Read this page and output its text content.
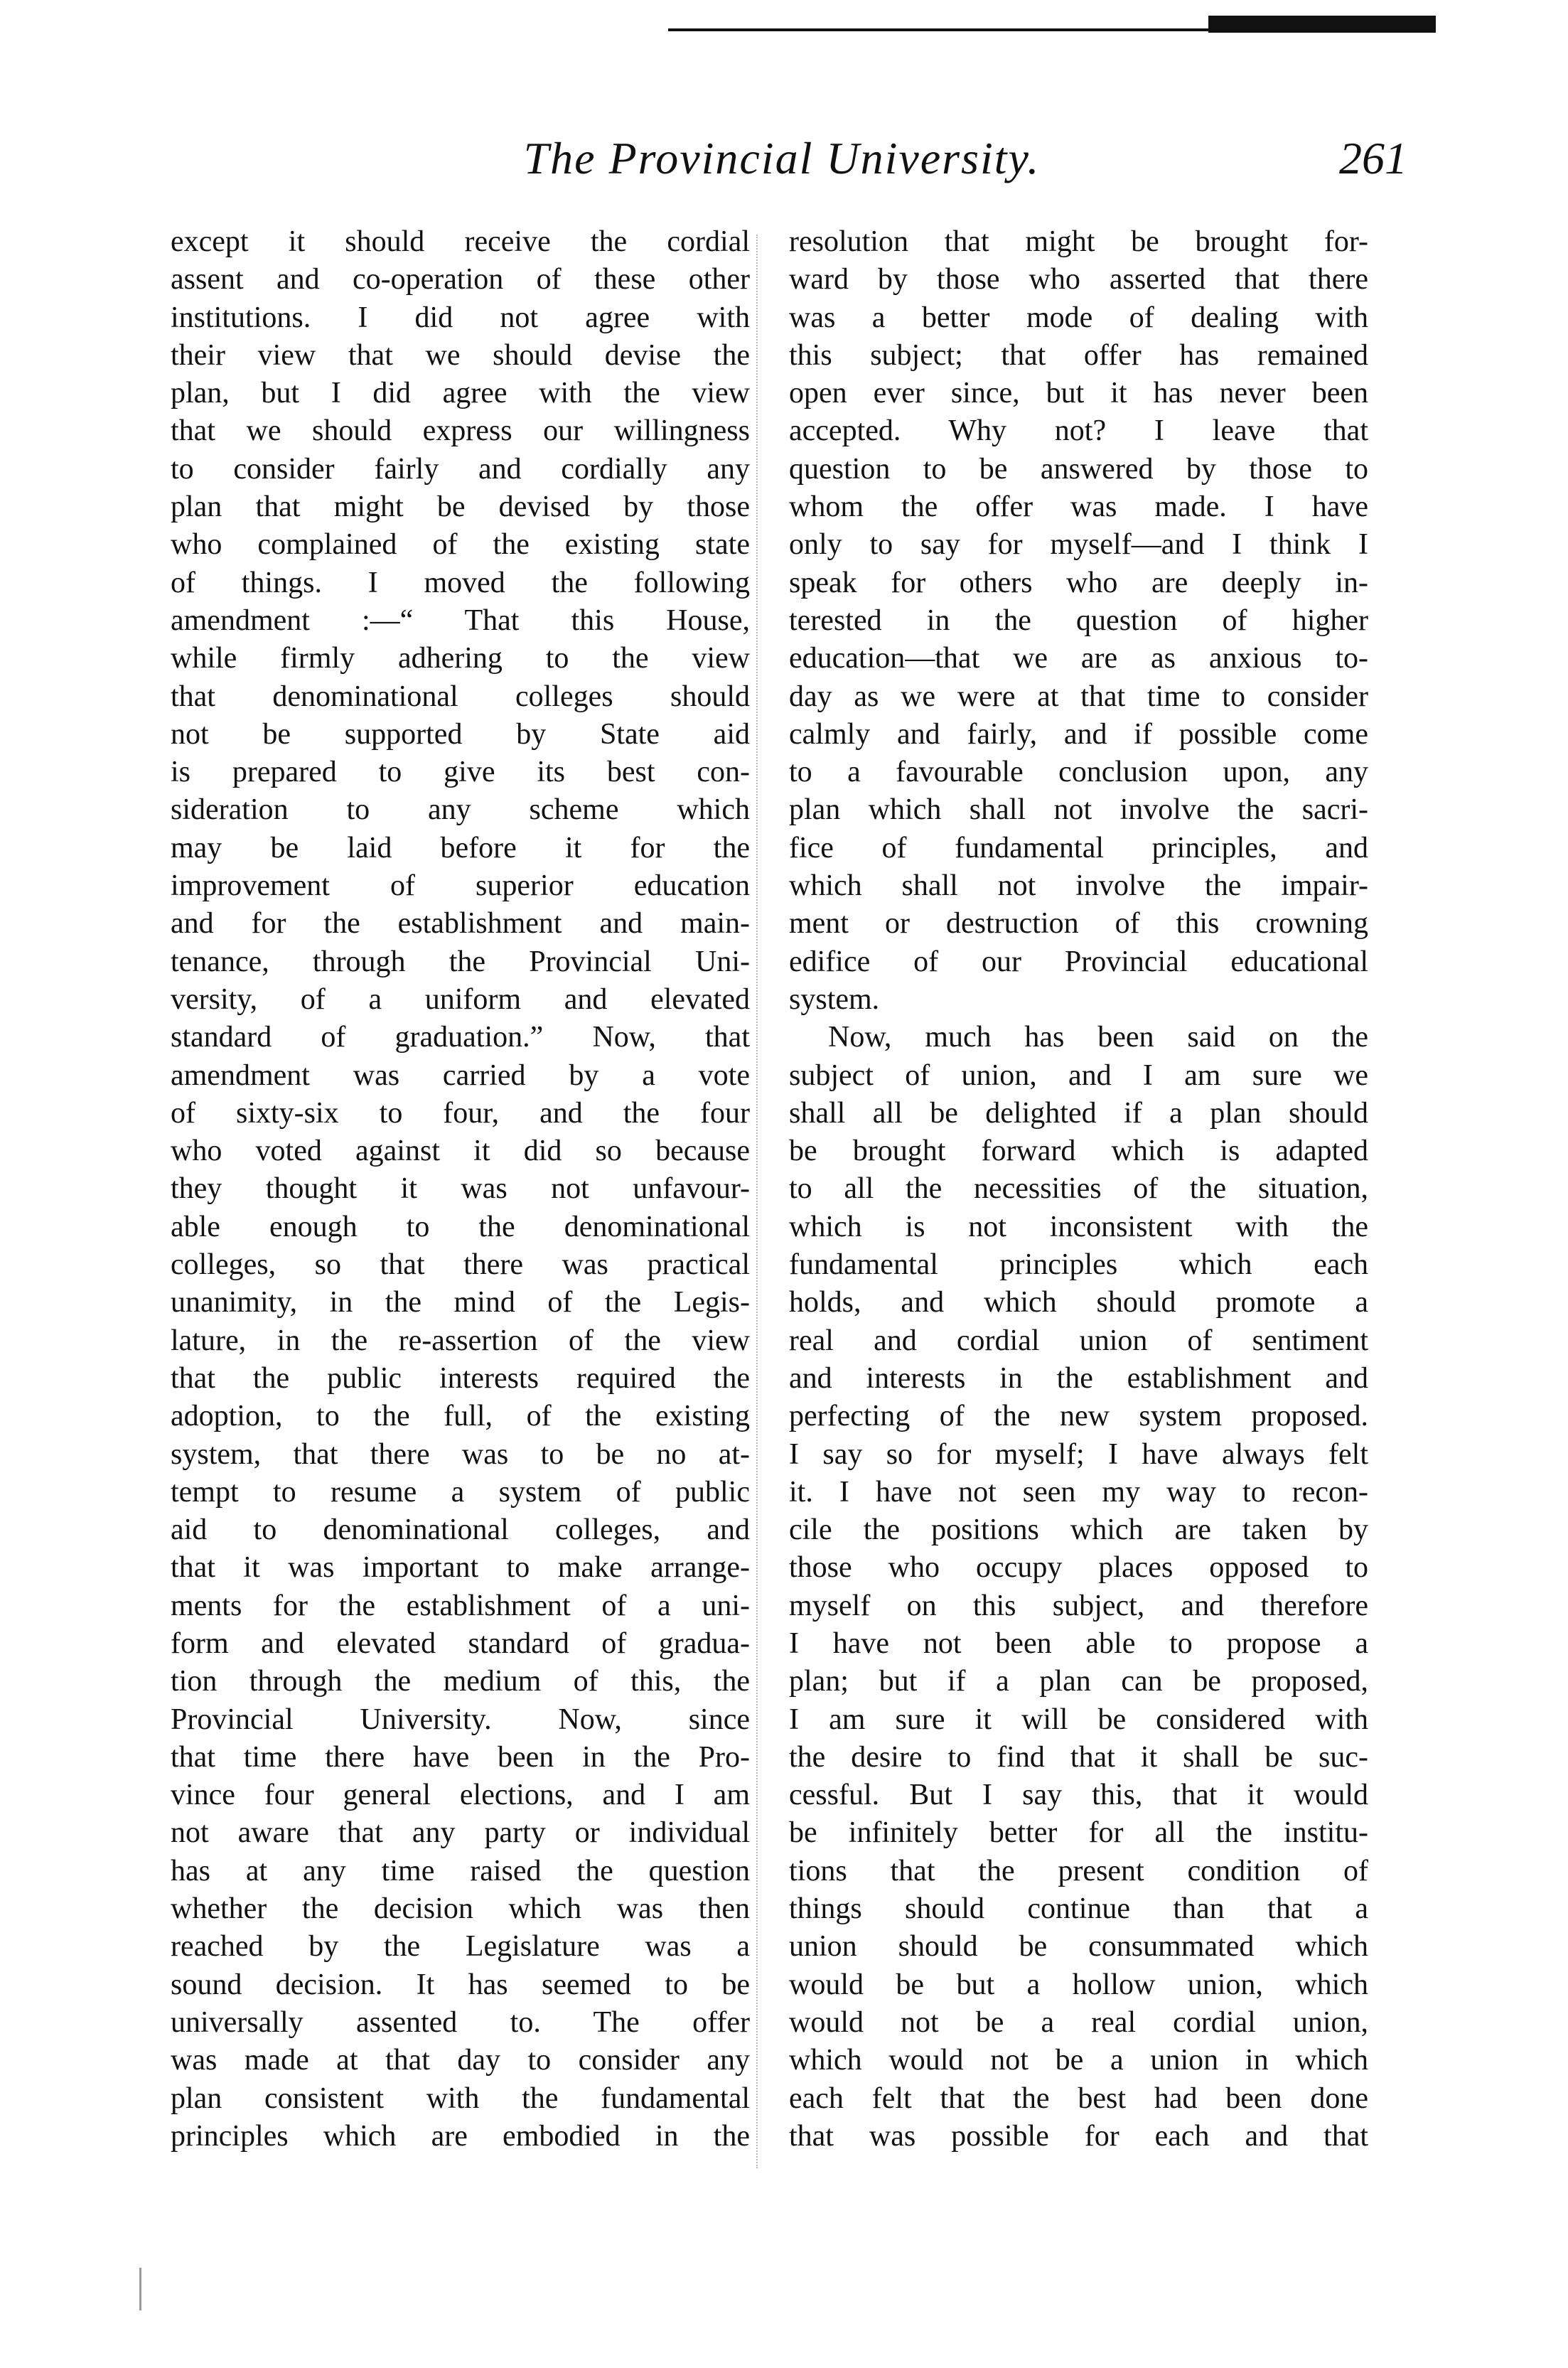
The Provincial University.	261
except it should receive the cordial
assent and co-operation of these other
institutions. I did not agree with
their view that we should devise the
plan, but I did agree with the view
that we should express our willingness
to consider fairly and cordially any
plan that might be devised by those
who complained of the existing state
of things. I moved the following
amendment :—“ That this House,
while firmly adhering to the view
that denominational colleges should
not be supported by State aid
is prepared to give its best con-
sideration to any scheme which
may be laid before it for the
improvement of superior education
and for the establishment and main-
tenance, through the Provincial Uni-
versity, of a uniform and elevated
standard of graduation.” Now, that
amendment was carried by a vote
of sixty-six to four, and the four
who voted against it did so because
they thought it was not unfavour-
able enough to the denominational
colleges, so that there was practical
unanimity, in the mind of the Legis-
lature, in the re-assertion of the view
that the public interests required the
adoption, to the full, of the existing
system, that there was to be no at-
tempt to resume a system of public
aid to denominational colleges, and
that it was important to make arrange-
ments for the establishment of a uni-
form and elevated standard of gradua-
tion through the medium of this, the
Provincial University. Now, since
that time there have been in the Pro-
vince four general elections, and I am
not aware that any party or individual
has at any time raised the question
whether the decision which was then
reached by the Legislature was a
sound decision. It has seemed to be
universally assented to. The offer
was made at that day to consider any
plan consistent with the fundamental
principles which are embodied in the
resolution that might be brought for-
ward by those who asserted that there
was a better mode of dealing with
this subject; that offer has remained
open ever since, but it has never been
accepted. Why not? I leave that
question to be answered by those to
whom the offer was made. I have
only to say for myself—and I think I
speak for others who are deeply in-
terested in the question of higher
education—that we are as anxious to-
day as we were at that time to consider
calmly and fairly, and if possible come
to a favourable conclusion upon, any
plan which shall not involve the sacri-
fice of fundamental principles, and
which shall not involve the impair-
ment or destruction of this crowning
edifice of our Provincial educational
system.
Now, much has been said on the
subject of union, and I am sure we
shall all be delighted if a plan should
be brought forward which is adapted
to all the necessities of the situation,
which is not inconsistent with the
fundamental principles which each
holds, and which should promote a
real and cordial union of sentiment
and interests in the establishment and
perfecting of the new system proposed.
I say so for myself; I have always felt
it. I have not seen my way to recon-
cile the positions which are taken by
those who occupy places opposed to
myself on this subject, and therefore
I have not been able to propose a
plan; but if a plan can be proposed,
I am sure it will be considered with
the desire to find that it shall be suc-
cessful. But I say this, that it would
be infinitely better for all the institu-
tions that the present condition of
things should continue than that a
union should be consummated which
would be but a hollow union, which
would not be a real cordial union,
which would not be a union in which
each felt that the best had been done
that was possible for each and that
